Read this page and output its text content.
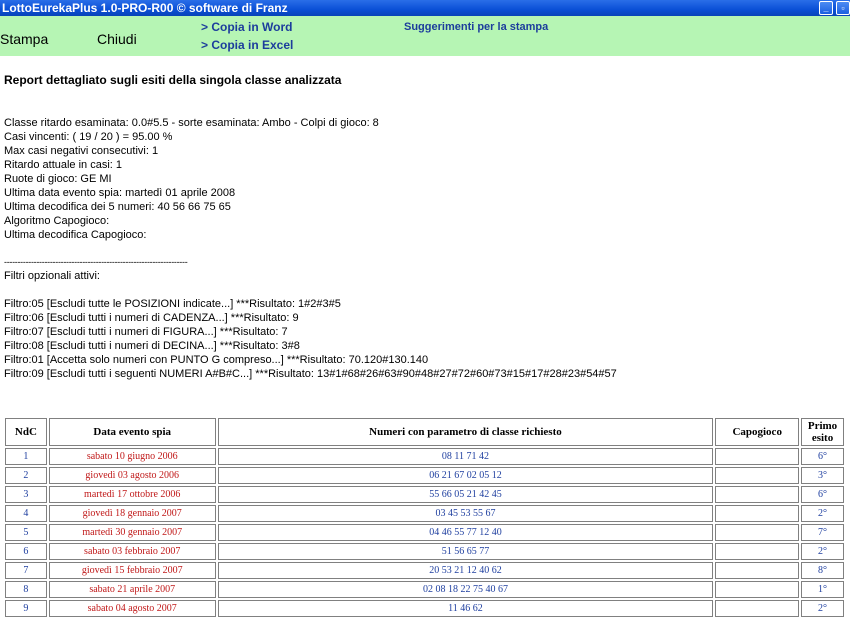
LottoEurekaPlus 1.0-PRO-R00 © software di Franz	_	▫
Stampa	Chiudi
> Copia in Word
> Copia in Excel
Suggerimenti per la stampa
Report dettagliato sugli esiti della singola classe analizzata
Classe ritardo esaminata: 0.0#5.5 - sorte esaminata: Ambo - Colpi di gioco: 8
Casi vincenti: ( 19 / 20 ) = 95.00 %
Max casi negativi consecutivi: 1
Ritardo attuale in casi: 1
Ruote di gioco: GE MI
Ultima data evento spia: martedì 01 aprile 2008
Ultima decodifica dei 5 numeri: 40 56 66 75 65
Algoritmo Capogioco:
Ultima decodifica Capogioco:
--------------------------------------------------------------------
Filtri opzionali attivi:
Filtro:05 [Escludi tutte le POSIZIONI indicate...] ***Risultato: 1#2#3#5
Filtro:06 [Escludi tutti i numeri di CADENZA...] ***Risultato: 9
Filtro:07 [Escludi tutti i numeri di FIGURA...] ***Risultato: 7
Filtro:08 [Escludi tutti i numeri di DECINA...] ***Risultato: 3#8
Filtro:01 [Accetta solo numeri con PUNTO G compreso...] ***Risultato: 70.120#130.140
Filtro:09 [Escludi tutti i seguenti NUMERI A#B#C...] ***Risultato: 13#1#68#26#63#90#48#27#72#60#73#15#17#28#23#54#57
NdC	Data evento spia	Numeri con parametro di classe richiesto	Capogioco	Primo
esito
1	sabato 10 giugno 2006	08 11 71 42		6°
2	giovedì 03 agosto 2006	06 21 67 02 05 12		3°
3	martedì 17 ottobre 2006	55 66 05 21 42 45		6°
4	giovedì 18 gennaio 2007	03 45 53 55 67		2°
5	martedì 30 gennaio 2007	04 46 55 77 12 40		7°
6	sabato 03 febbraio 2007	51 56 65 77		2°
7	giovedì 15 febbraio 2007	20 53 21 12 40 62		8°
8	sabato 21 aprile 2007	02 08 18 22 75 40 67		1°
9	sabato 04 agosto 2007	11 46 62		2°
